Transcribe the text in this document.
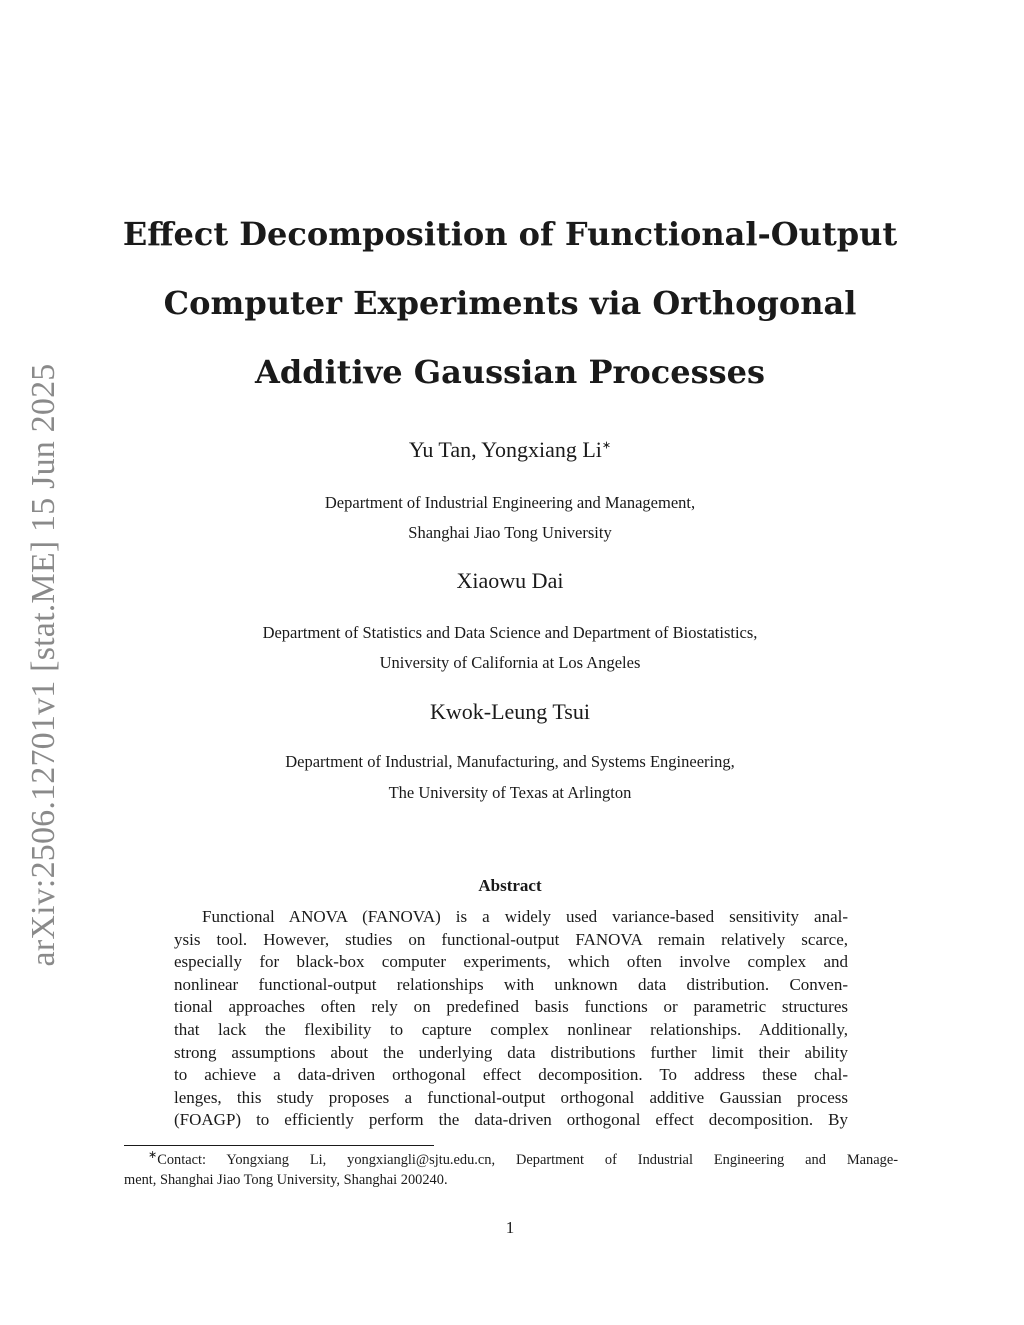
arXiv:2506.12701v1 [stat.ME] 15 Jun 2025
Effect Decomposition of Functional-Output
Computer Experiments via Orthogonal
Additive Gaussian Processes
Yu Tan, Yongxiang Li∗
Department of Industrial Engineering and Management,
Shanghai Jiao Tong University
Xiaowu Dai
Department of Statistics and Data Science and Department of Biostatistics,
University of California at Los Angeles
Kwok-Leung Tsui
Department of Industrial, Manufacturing, and Systems Engineering,
The University of Texas at Arlington
Abstract
Functional ANOVA (FANOVA) is a widely used variance-based sensitivity anal-
ysis tool. However, studies on functional-output FANOVA remain relatively scarce,
especially for black-box computer experiments, which often involve complex and
nonlinear functional-output relationships with unknown data distribution. Conven-
tional approaches often rely on predefined basis functions or parametric structures
that lack the flexibility to capture complex nonlinear relationships. Additionally,
strong assumptions about the underlying data distributions further limit their ability
to achieve a data-driven orthogonal effect decomposition. To address these chal-
lenges, this study proposes a functional-output orthogonal additive Gaussian process
(FOAGP) to efficiently perform the data-driven orthogonal effect decomposition. By
∗Contact: Yongxiang Li, yongxiangli@sjtu.edu.cn, Department of Industrial Engineering and Manage-
ment, Shanghai Jiao Tong University, Shanghai 200240.
1
